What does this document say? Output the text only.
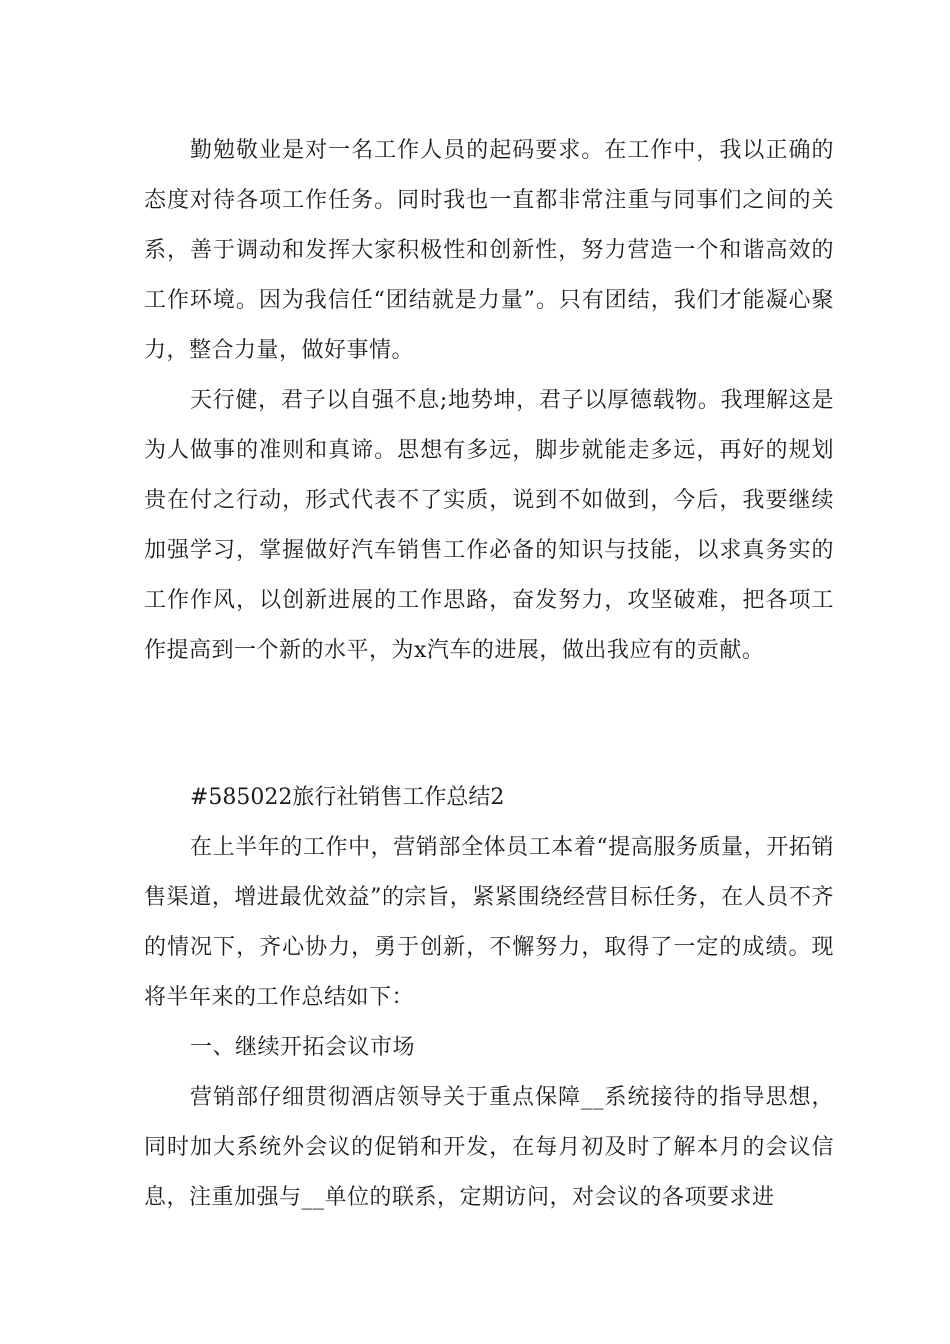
勤勉敬业是对一名工作人员的起码要求。在工作中，我以正确的态度对待各项工作任务。同时我也一直都非常注重与同事们之间的关系，善于调动和发挥大家积极性和创新性，努力营造一个和谐高效的工作环境。因为我信任“团结就是力量”。只有团结，我们才能凝心聚力，整合力量，做好事情。

天行健，君子以自强不息;地势坤，君子以厚德载物。我理解这是为人做事的准则和真谛。思想有多远，脚步就能走多远，再好的规划贵在付之行动，形式代表不了实质，说到不如做到，今后，我要继续加强学习，掌握做好汽车销售工作必备的知识与技能，以求真务实的工作作风，以创新进展的工作思路，奋发努力，攻坚破难，把各项工作提高到一个新的水平，为x汽车的进展，做出我应有的贡献。

#585022旅行社销售工作总结2

在上半年的工作中，营销部全体员工本着“提高服务质量，开拓销售渠道，增进最优效益”的宗旨，紧紧围绕经营目标任务，在人员不齐的情况下，齐心协力，勇于创新，不懈努力，取得了一定的成绩。现将半年来的工作总结如下：

一、继续开拓会议市场

营销部仔细贯彻酒店领导关于重点保障__系统接待的指导思想，同时加大系统外会议的促销和开发，在每月初及时了解本月的会议信息，注重加强与__单位的联系，定期访问，对会议的各项要求进
